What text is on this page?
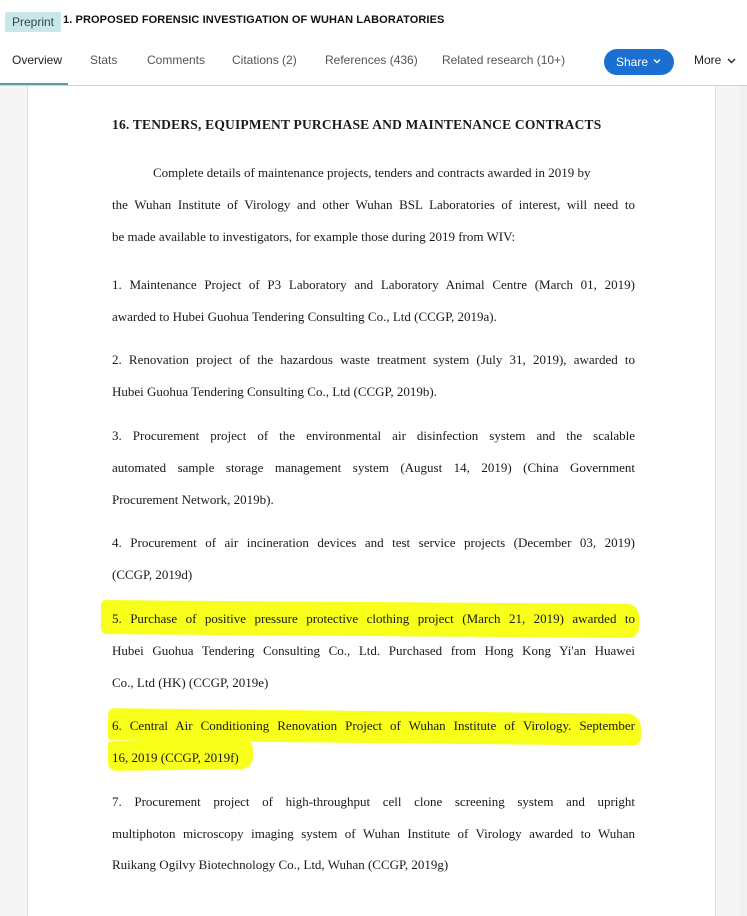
Preprint 1. PROPOSED FORENSIC INVESTIGATION OF WUHAN LABORATORIES
Overview Stats Comments Citations (2) References (436) Related research (10+)	Share	More
16. TENDERS, EQUIPMENT PURCHASE AND MAINTENANCE CONTRACTS
Complete details of maintenance projects, tenders and contracts awarded in 2019 by
the Wuhan Institute of Virology and other Wuhan BSL Laboratories of interest, will need to
be made available to investigators, for example those during 2019 from WIV:
1. Maintenance Project of P3 Laboratory and Laboratory Animal Centre (March 01, 2019)
awarded to Hubei Guohua Tendering Consulting Co., Ltd (CCGP, 2019a).
2. Renovation project of the hazardous waste treatment system (July 31, 2019), awarded to
Hubei Guohua Tendering Consulting Co., Ltd (CCGP, 2019b).
3. Procurement project of the environmental air disinfection system and the scalable
automated sample storage management system (August 14, 2019) (China Government
Procurement Network, 2019b).
4. Procurement of air incineration devices and test service projects (December 03, 2019)
(CCGP, 2019d)
5. Purchase of positive pressure protective clothing project (March 21, 2019) awarded to
Hubei Guohua Tendering Consulting Co., Ltd. Purchased from Hong Kong Yi'an Huawei
Co., Ltd (HK) (CCGP, 2019e)
6. Central Air Conditioning Renovation Project of Wuhan Institute of Virology. September
16, 2019 (CCGP, 2019f)
7. Procurement project of high-throughput cell clone screening system and upright
multiphoton microscopy imaging system of Wuhan Institute of Virology awarded to Wuhan
Ruikang Ogilvy Biotechnology Co., Ltd, Wuhan (CCGP, 2019g)
